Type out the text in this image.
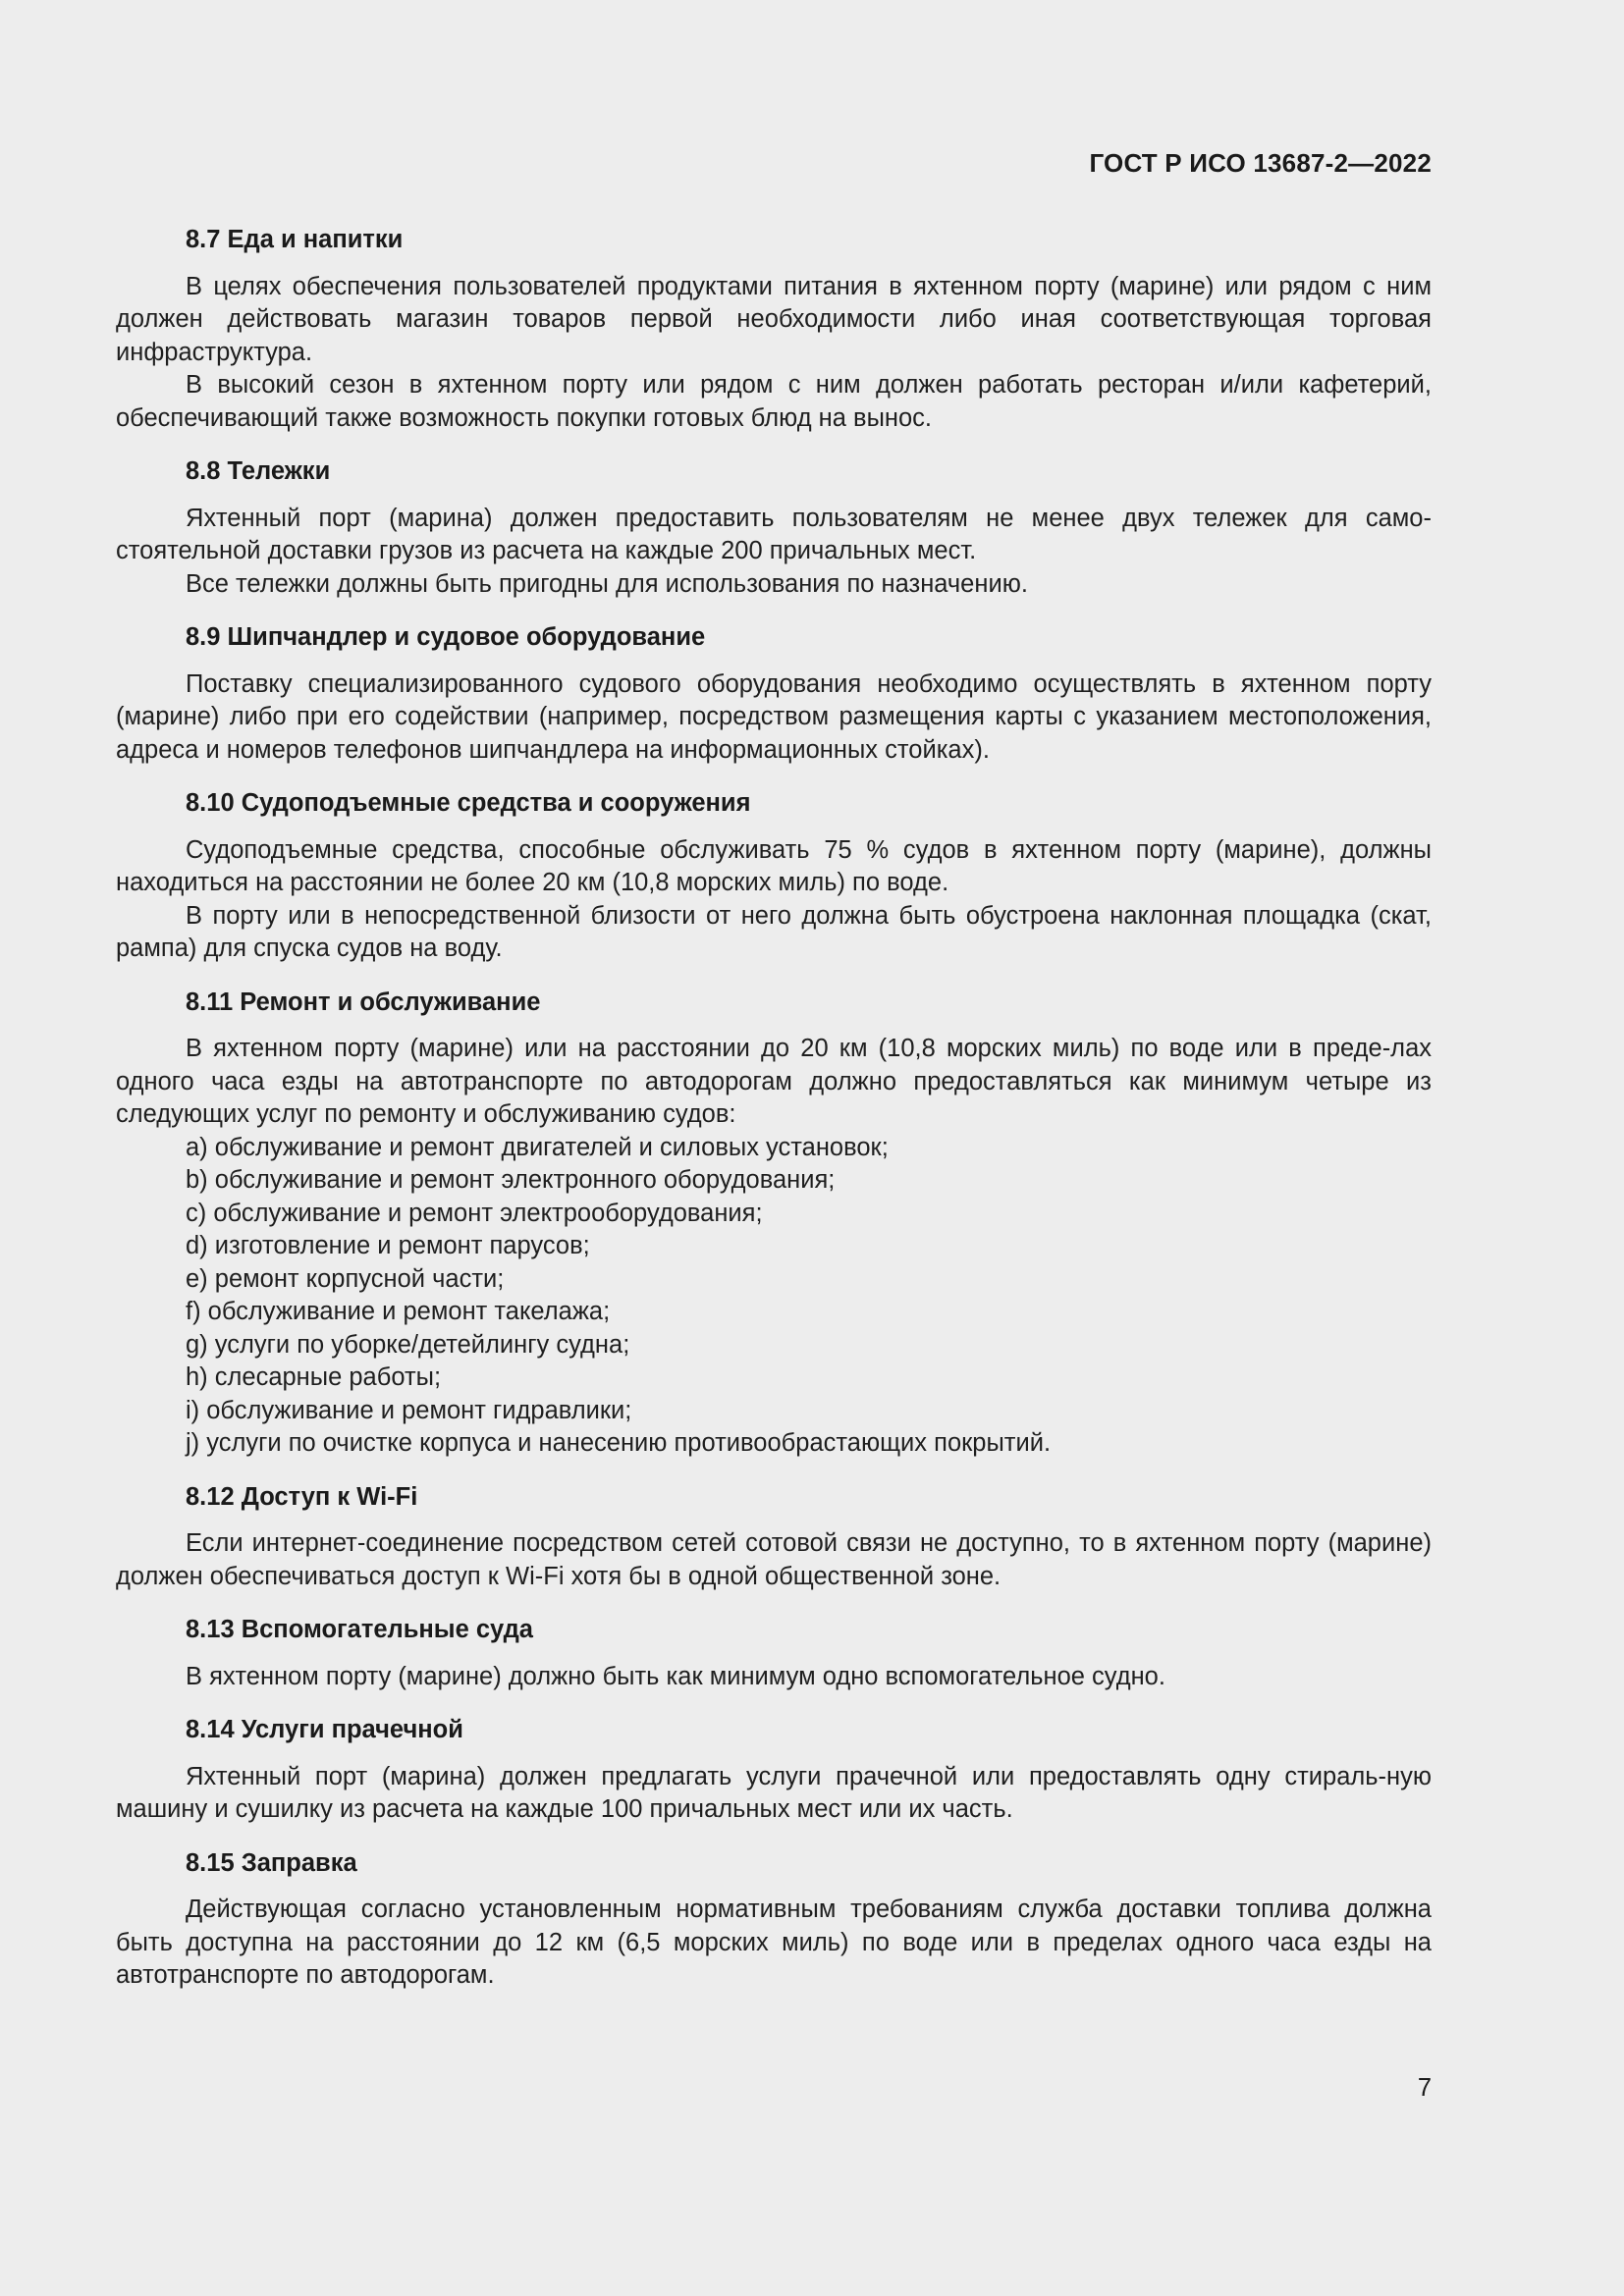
ГОСТ Р ИСО 13687-2—2022
8.7 Еда и напитки

В целях обеспечения пользователей продуктами питания в яхтенном порту (марине) или рядом с ним должен действовать магазин товаров первой необходимости либо иная соответствующая торговая инфраструктура.

В высокий сезон в яхтенном порту или рядом с ним должен работать ресторан и/или кафетерий, обеспечивающий также возможность покупки готовых блюд на вынос.

8.8 Тележки

Яхтенный порт (марина) должен предоставить пользователям не менее двух тележек для само-стоятельной доставки грузов из расчета на каждые 200 причальных мест.

Все тележки должны быть пригодны для использования по назначению.

8.9 Шипчандлер и судовое оборудование

Поставку специализированного судового оборудования необходимо осуществлять в яхтенном порту (марине) либо при его содействии (например, посредством размещения карты с указанием местоположения, адреса и номеров телефонов шипчандлера на информационных стойках).

8.10 Судоподъемные средства и сооружения

Судоподъемные средства, способные обслуживать 75 % судов в яхтенном порту (марине), должны находиться на расстоянии не более 20 км (10,8 морских миль) по воде.

В порту или в непосредственной близости от него должна быть обустроена наклонная площадка (скат, рампа) для спуска судов на воду.

8.11 Ремонт и обслуживание

В яхтенном порту (марине) или на расстоянии до 20 км (10,8 морских миль) по воде или в преде-лах одного часа езды на автотранспорте по автодорогам должно предоставляться как минимум четыре из следующих услуг по ремонту и обслуживанию судов:

a) обслуживание и ремонт двигателей и силовых установок;
b) обслуживание и ремонт электронного оборудования;
c) обслуживание и ремонт электрооборудования;
d) изготовление и ремонт парусов;
e) ремонт корпусной части;
f) обслуживание и ремонт такелажа;
g) услуги по уборке/детейлингу судна;
h) слесарные работы;
i) обслуживание и ремонт гидравлики;
j) услуги по очистке корпуса и нанесению противообрастающих покрытий.
8.12 Доступ к Wi-Fi

Если интернет-соединение посредством сетей сотовой связи не доступно, то в яхтенном порту (марине) должен обеспечиваться доступ к Wi-Fi хотя бы в одной общественной зоне.

8.13 Вспомогательные суда

В яхтенном порту (марине) должно быть как минимум одно вспомогательное судно.

8.14 Услуги прачечной

Яхтенный порт (марина) должен предлагать услуги прачечной или предоставлять одну стираль-ную машину и сушилку из расчета на каждые 100 причальных мест или их часть.

8.15 Заправка

Действующая согласно установленным нормативным требованиям служба доставки топлива должна быть доступна на расстоянии до 12 км (6,5 морских миль) по воде или в пределах одного часа езды на автотранспорте по автодорогам.

7
